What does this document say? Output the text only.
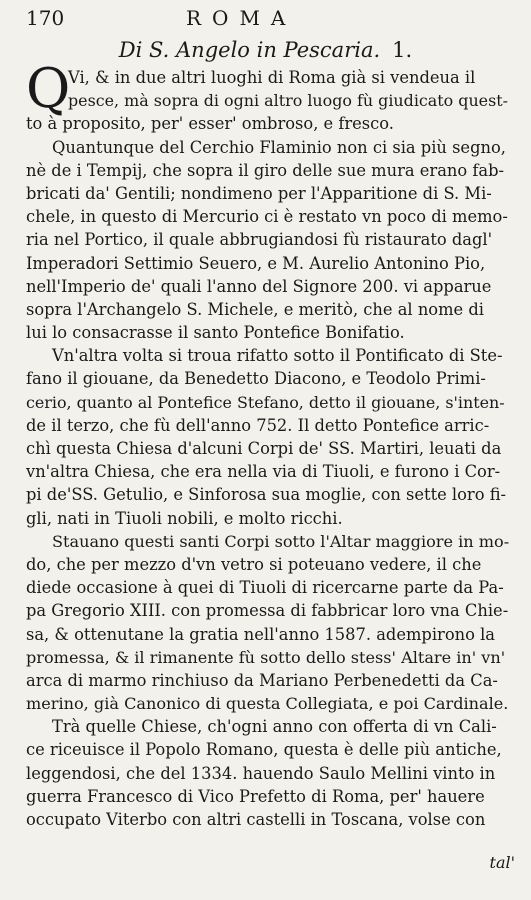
170	ROMA
Di S. Angelo in Pescaria. 1.
Q
Vi, & in due altri luoghi di Roma già si vendeua il
pesce, mà sopra di ogni altro luogo fù giudicato quest-
to à proposito, per' esser' ombroso, e fresco.
Quantunque del Cerchio Flaminio non ci sia più segno,
nè de i Tempij, che sopra il giro delle sue mura erano fab-
bricati da' Gentili; nondimeno per l'Apparitione di S. Mi-
chele, in questo di Mercurio ci è restato vn poco di memo-
ria nel Portico, il quale abbrugiandosi fù ristaurato dagl'
Imperadori Settimio Seuero, e M. Aurelio Antonino Pio,
nell'Imperio de' quali l'anno del Signore 200. vi apparue
sopra l'Archangelo S. Michele, e meritò, che al nome di
lui lo consacrasse il santo Pontefice Bonifatio.
Vn'altra volta si troua rifatto sotto il Pontificato di Ste-
fano il giouane, da Benedetto Diacono, e Teodolo Primi-
cerio, quanto al Pontefice Stefano, detto il giouane, s'inten-
de il terzo, che fù dell'anno 752. Il detto Pontefice arric-
chì questa Chiesa d'alcuni Corpi de' SS. Martiri, leuati da
vn'altra Chiesa, che era nella via di Tiuoli, e furono i Cor-
pi de'SS. Getulio, e Sinforosa sua moglie, con sette loro fi-
gli, nati in Tiuoli nobili, e molto ricchi.
Stauano questi santi Corpi sotto l'Altar maggiore in mo-
do, che per mezzo d'vn vetro si poteuano vedere, il che
diede occasione à quei di Tiuoli di ricercarne parte da Pa-
pa Gregorio XIII. con promessa di fabbricar loro vna Chie-
sa, & ottenutane la gratia nell'anno 1587. adempirono la
promessa, & il rimanente fù sotto dello stess' Altare in' vn'
arca di marmo rinchiuso da Mariano Perbenedetti da Ca-
merino, già Canonico di questa Collegiata, e poi Cardinale.
Trà quelle Chiese, ch'ogni anno con offerta di vn Cali-
ce riceuisce il Popolo Romano, questa è delle più antiche,
leggendosi, che del 1334. hauendo Saulo Mellini vinto in
guerra Francesco di Vico Prefetto di Roma, per' hauere
occupato Viterbo con altri castelli in Toscana, volse con
tal'
